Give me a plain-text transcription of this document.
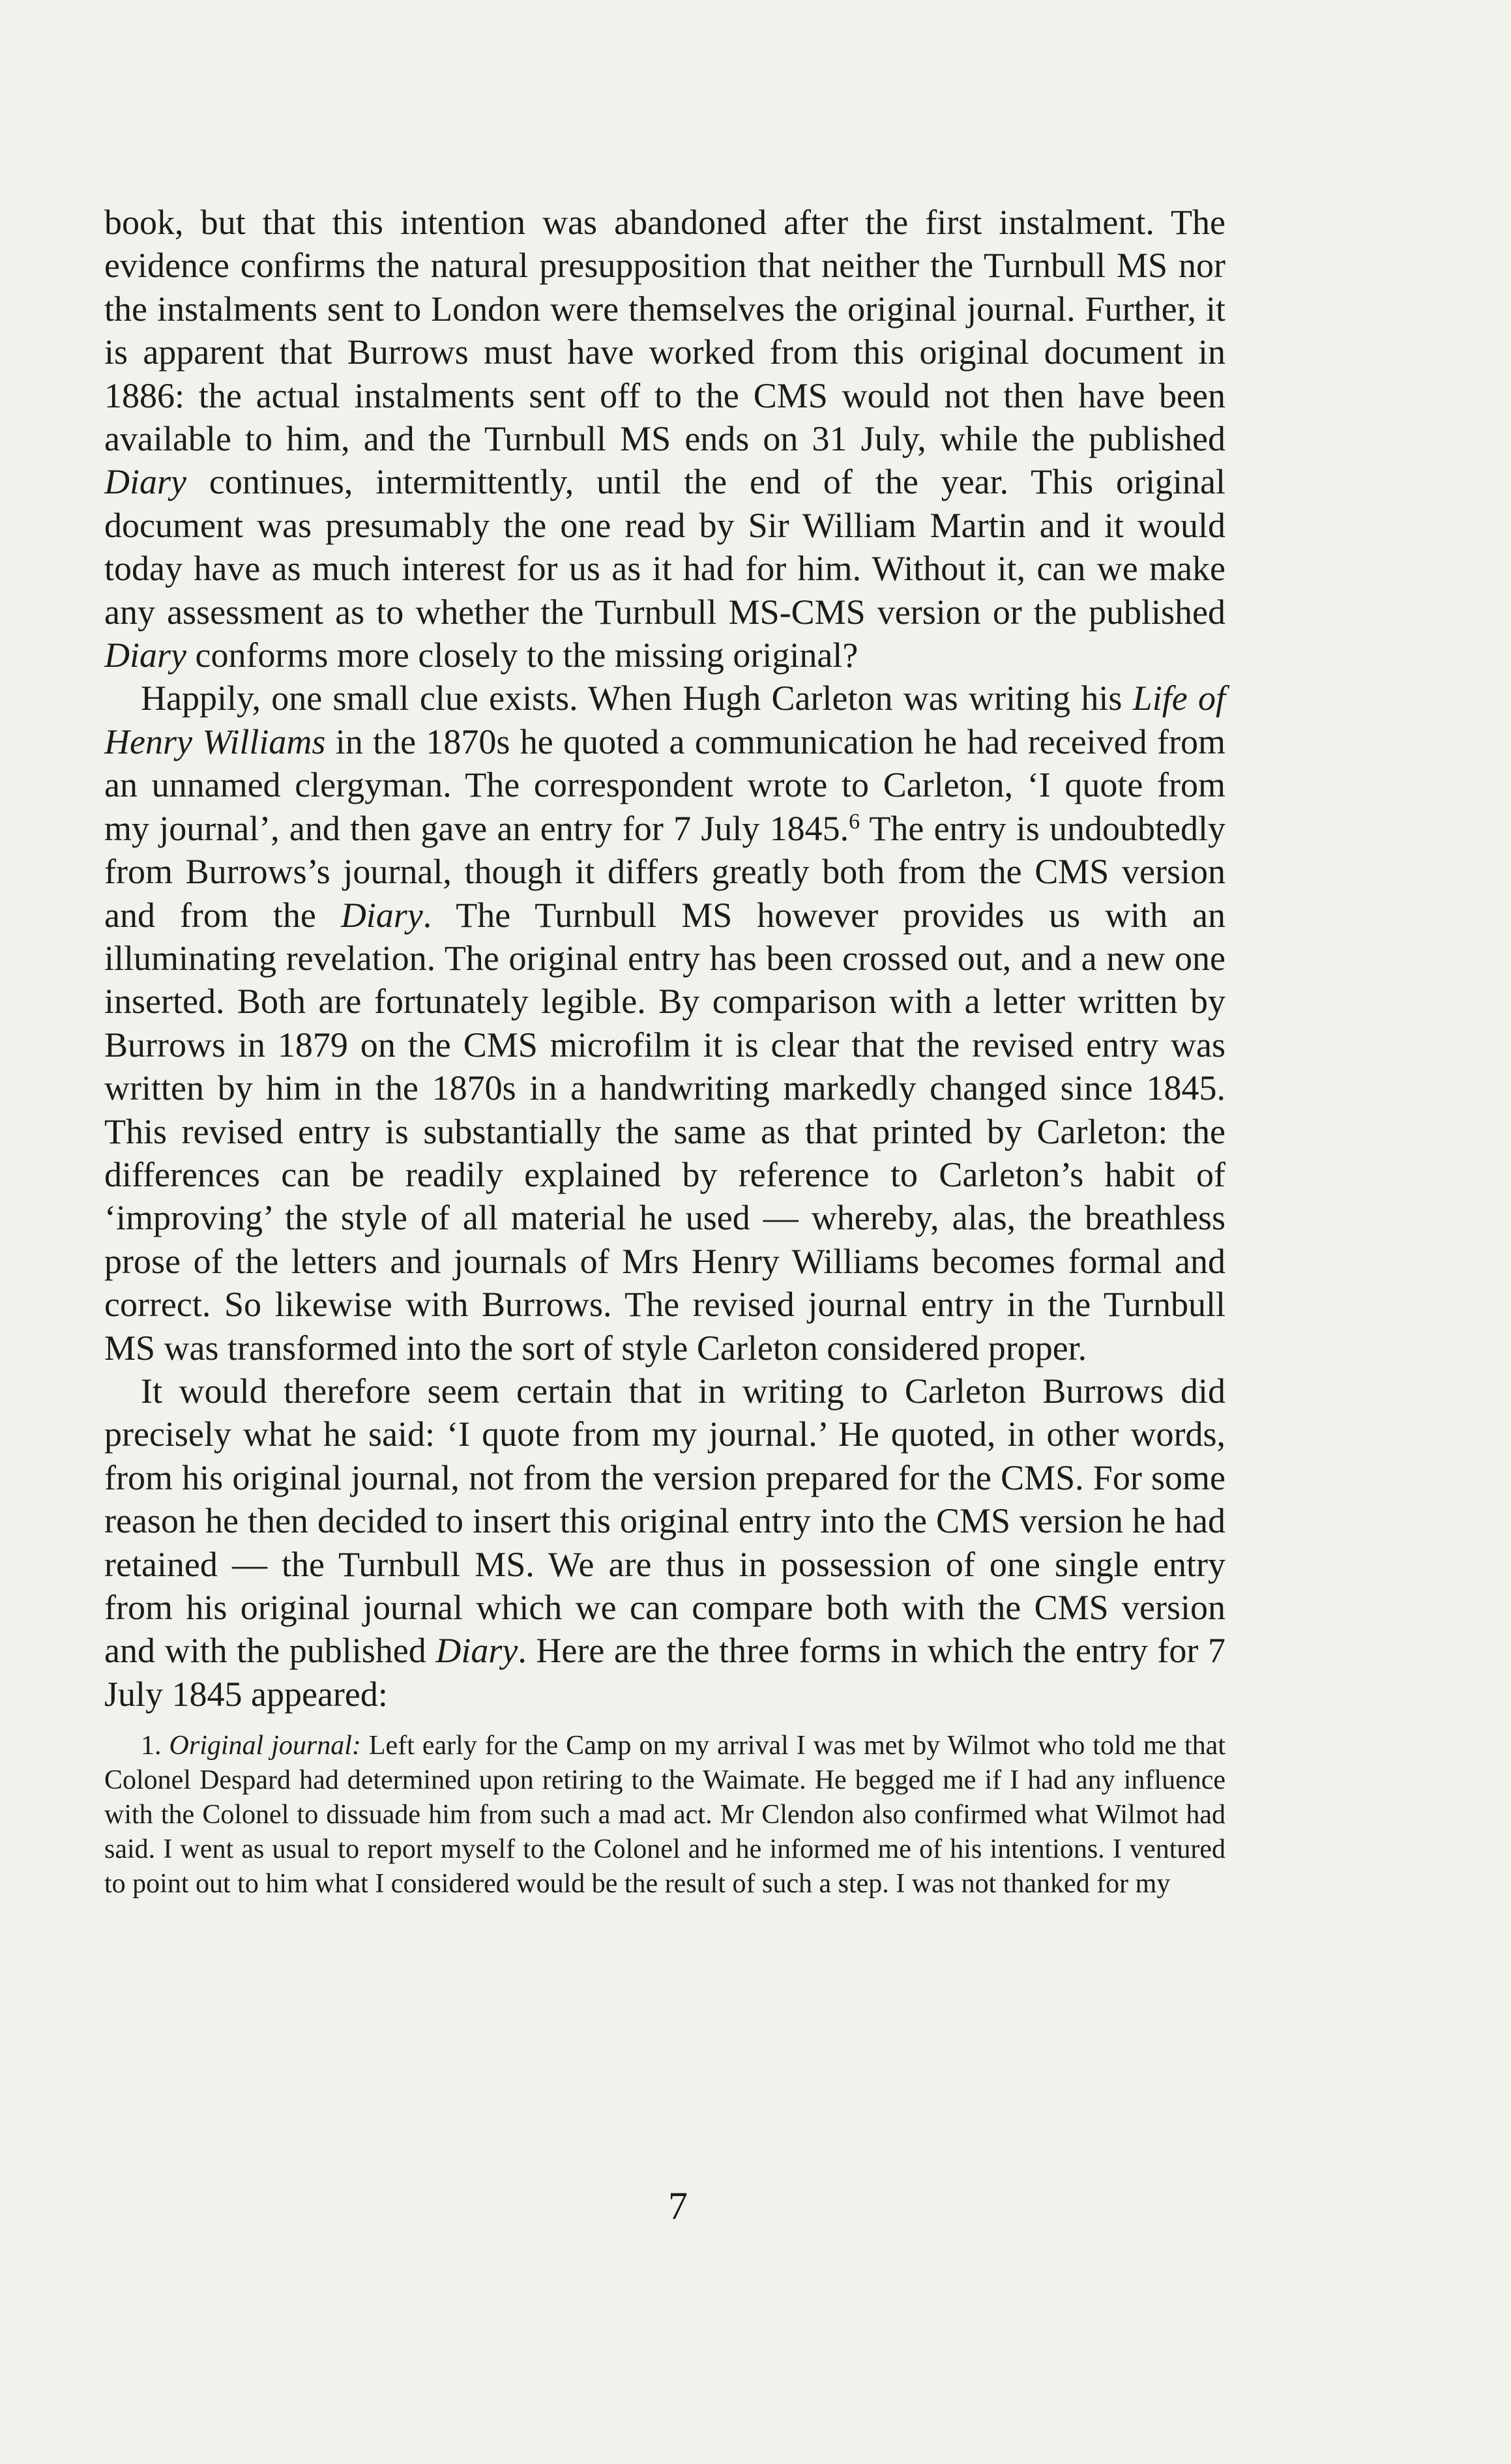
book, but that this intention was abandoned after the first instalment. The evidence confirms the natural presupposition that neither the Turnbull MS nor the instalments sent to London were themselves the original journal. Further, it is apparent that Burrows must have worked from this original document in 1886: the actual instalments sent off to the CMS would not then have been available to him, and the Turnbull MS ends on 31 July, while the published Diary continues, intermittently, until the end of the year. This original document was presumably the one read by Sir William Martin and it would today have as much interest for us as it had for him. Without it, can we make any assessment as to whether the Turnbull MS-CMS version or the published Diary conforms more closely to the missing original?

Happily, one small clue exists. When Hugh Carleton was writing his Life of Henry Williams in the 1870s he quoted a communication he had received from an unnamed clergyman. The correspondent wrote to Carleton, ‘I quote from my journal’, and then gave an entry for 7 July 1845.$^6$ The entry is undoubtedly from Burrows’s journal, though it differs greatly both from the CMS version and from the Diary. The Turnbull MS however provides us with an illuminating revelation. The original entry has been crossed out, and a new one inserted. Both are fortunately legible. By comparison with a letter written by Burrows in 1879 on the CMS microfilm it is clear that the revised entry was written by him in the 1870s in a handwriting markedly changed since 1845. This revised entry is substantially the same as that printed by Carleton: the differences can be readily explained by reference to Carleton’s habit of ‘improving’ the style of all material he used — whereby, alas, the breathless prose of the letters and journals of Mrs Henry Williams becomes formal and correct. So likewise with Burrows. The revised journal entry in the Turnbull MS was transformed into the sort of style Carleton considered proper.

It would therefore seem certain that in writing to Carleton Burrows did precisely what he said: ‘I quote from my journal.’ He quoted, in other words, from his original journal, not from the version prepared for the CMS. For some reason he then decided to insert this original entry into the CMS version he had retained — the Turnbull MS. We are thus in possession of one single entry from his original journal which we can compare both with the CMS version and with the published Diary. Here are the three forms in which the entry for 7 July 1845 appeared:

1. Original journal: Left early for the Camp on my arrival I was met by Wilmot who told me that Colonel Despard had determined upon retiring to the Waimate. He begged me if I had any influence with the Colonel to dissuade him from such a mad act. Mr Clendon also confirmed what Wilmot had said. I went as usual to report myself to the Colonel and he informed me of his intentions. I ventured to point out to him what I considered would be the result of such a step. I was not thanked for my

7
